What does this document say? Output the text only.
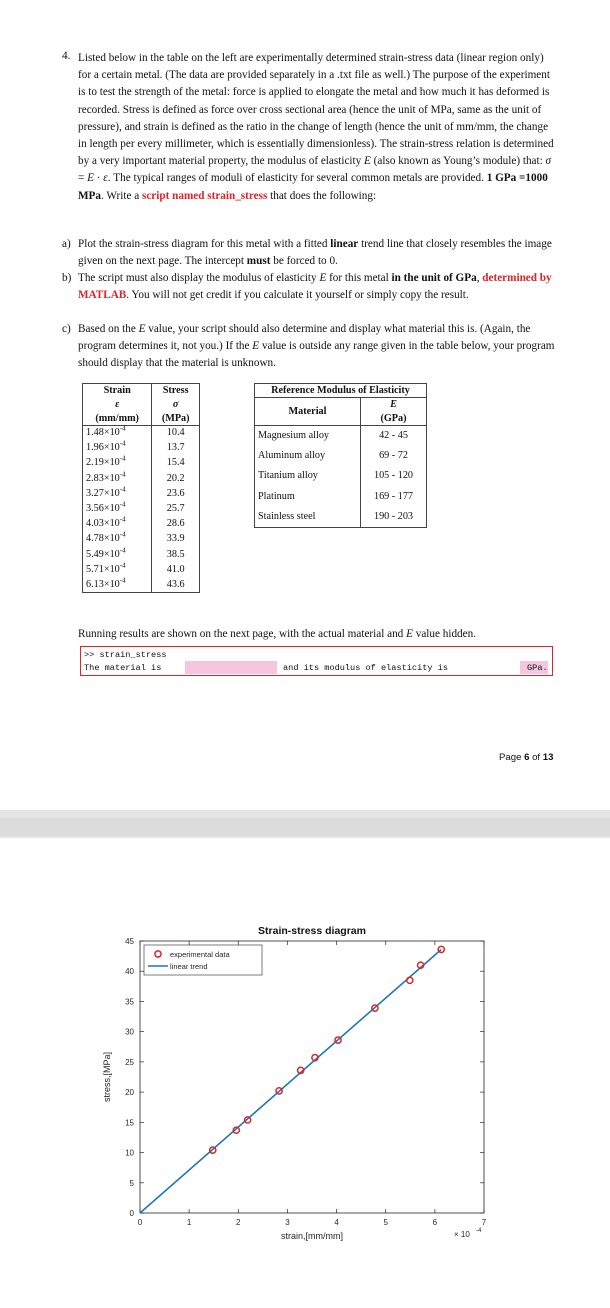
4. Listed below in the table on the left are experimentally determined strain-stress data (linear region only) for a certain metal. (The data are provided separately in a .txt file as well.) The purpose of the experiment is to test the strength of the metal: force is applied to elongate the metal and how much it has deformed is recorded. Stress is defined as force over cross sectional area (hence the unit of MPa, same as the unit of pressure), and strain is defined as the ratio in the change of length (hence the unit of mm/mm, the change in length per every millimeter, which is essentially dimensionless). The strain-stress relation is determined by a very important material property, the modulus of elasticity E (also known as Young’s module) that: σ = E · ε. The typical ranges of moduli of elasticity for several common metals are provided. 1 GPa =1000 MPa. Write a script named strain_stress that does the following:
a) Plot the strain-stress diagram for this metal with a fitted linear trend line that closely resembles the image given on the next page. The intercept must be forced to 0.
b) The script must also display the modulus of elasticity E for this metal in the unit of GPa, determined by MATLAB. You will not get credit if you calculate it yourself or simply copy the result.
c) Based on the E value, your script should also determine and display what material this is. (Again, the program determines it, not you.) If the E value is outside any range given in the table below, your program should display that the material is unknown.
Strain	Stress
ε	σ
(mm/mm)	(MPa)
$1.48\times 10^{-4}$	10.4
$1.96\times 10^{-4}$	13.7
$2.19\times 10^{-4}$	15.4
$2.83\times 10^{-4}$	20.2
$3.27\times 10^{-4}$	23.6
$3.56\times 10^{-4}$	25.7
$4.03\times 10^{-4}$	28.6
$4.78\times 10^{-4}$	33.9
$5.49\times 10^{-4}$	38.5
$5.71\times 10^{-4}$	41.0
$6.13\times 10^{-4}$	43.6
Reference Modulus of Elasticity	
Material	E
	(GPa)
Magnesium alloy	42 - 45
Aluminum alloy	69 - 72
Titanium alloy	105 - 120
Platinum	169 - 177
Stainless steel	190 - 203
Running results are shown on the next page, with the actual material and E value hidden.
>> strain_stress
The material is	and its modulus of elasticity is	GPa.
Page 6 of 13
0	1	2	3	4	5	6	7
0
5
10
15
20
25
30
35
40
45
Strain-stress diagram
strain,[mm/mm]
stress,[MPa]
× 10 -4
experimental data
linear trend
